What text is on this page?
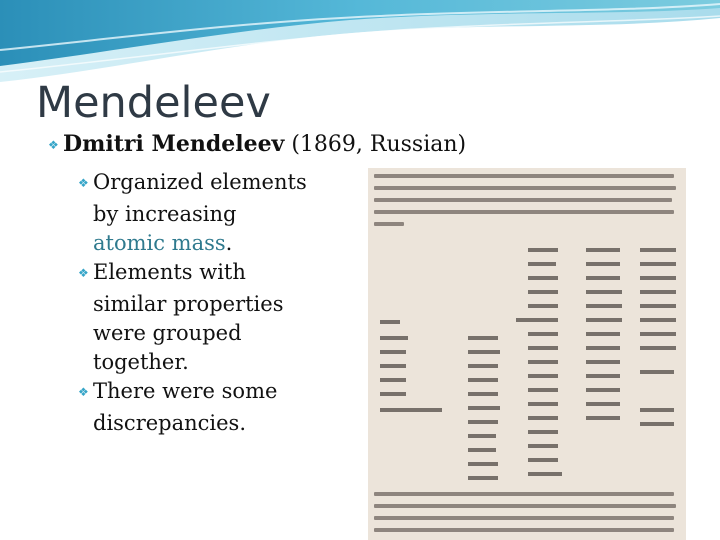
Mendeleev
❖ Dmitri Mendeleev (1869, Russian)
❖ Organized elements
by increasing
atomic mass.
❖ Elements with
similar properties were grouped together.
❖ There were some
discrepancies.
